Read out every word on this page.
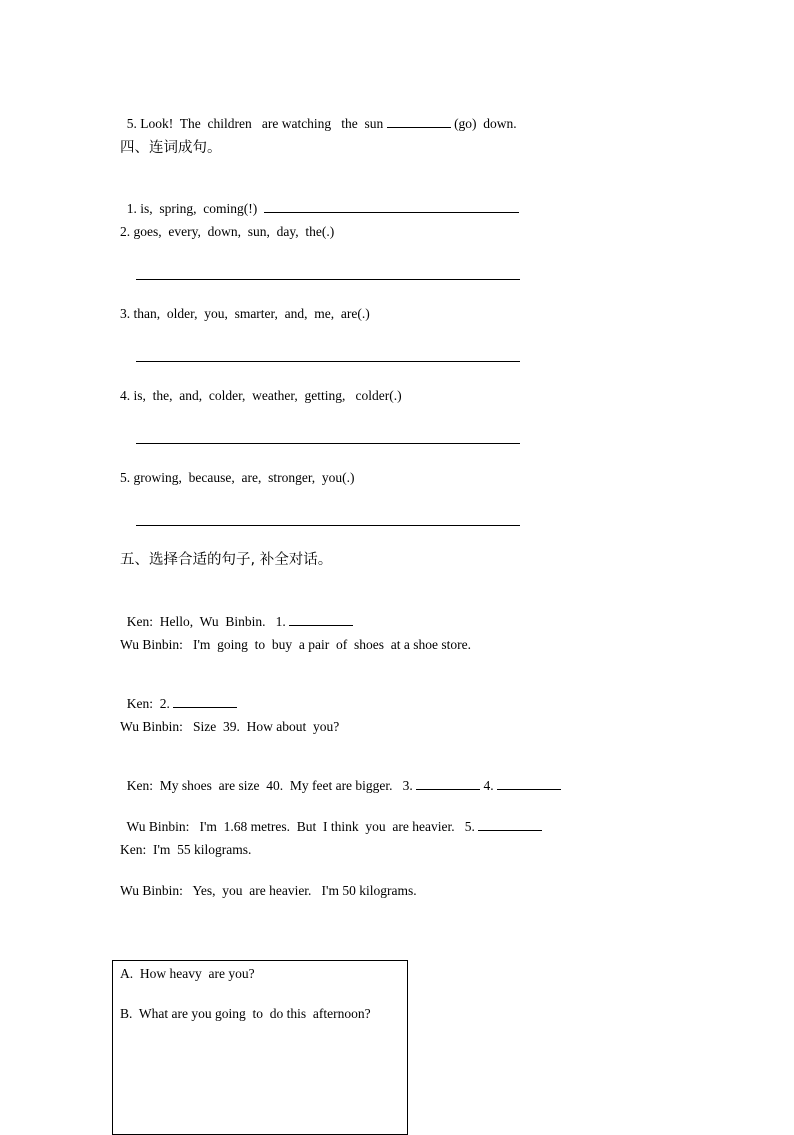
5. Look!  The  children   are watching   the  sun	(go)  down.

四、连词成句。

1. is,  spring,  coming(!)

2. goes,  every,  down,  sun,  day,  the(.)
3. than,  older,  you,  smarter,  and,  me,  are(.)
4. is,  the,  and,  colder,  weather,  getting,   colder(.)
5. growing,  because,  are,  stronger,  you(.)
五、选择合适的句子, 补全对话。

Ken:  Hello,  Wu  Binbin.   1.

Wu Binbin:   I'm  going  to  buy  a pair  of  shoes  at a shoe store.

Ken:  2.

Wu Binbin:   Size  39.  How about  you?

Ken:  My shoes  are size  40.  My feet are bigger.   3.	4.

Wu Binbin:   I'm  1.68 metres.  But  I think  you  are heavier.   5.

Ken:  I'm  55 kilograms.
Wu Binbin:   Yes,  you  are heavier.   I'm 50 kilograms.
A.  How heavy  are you?
B.  What are you going  to  do this  afternoon?
